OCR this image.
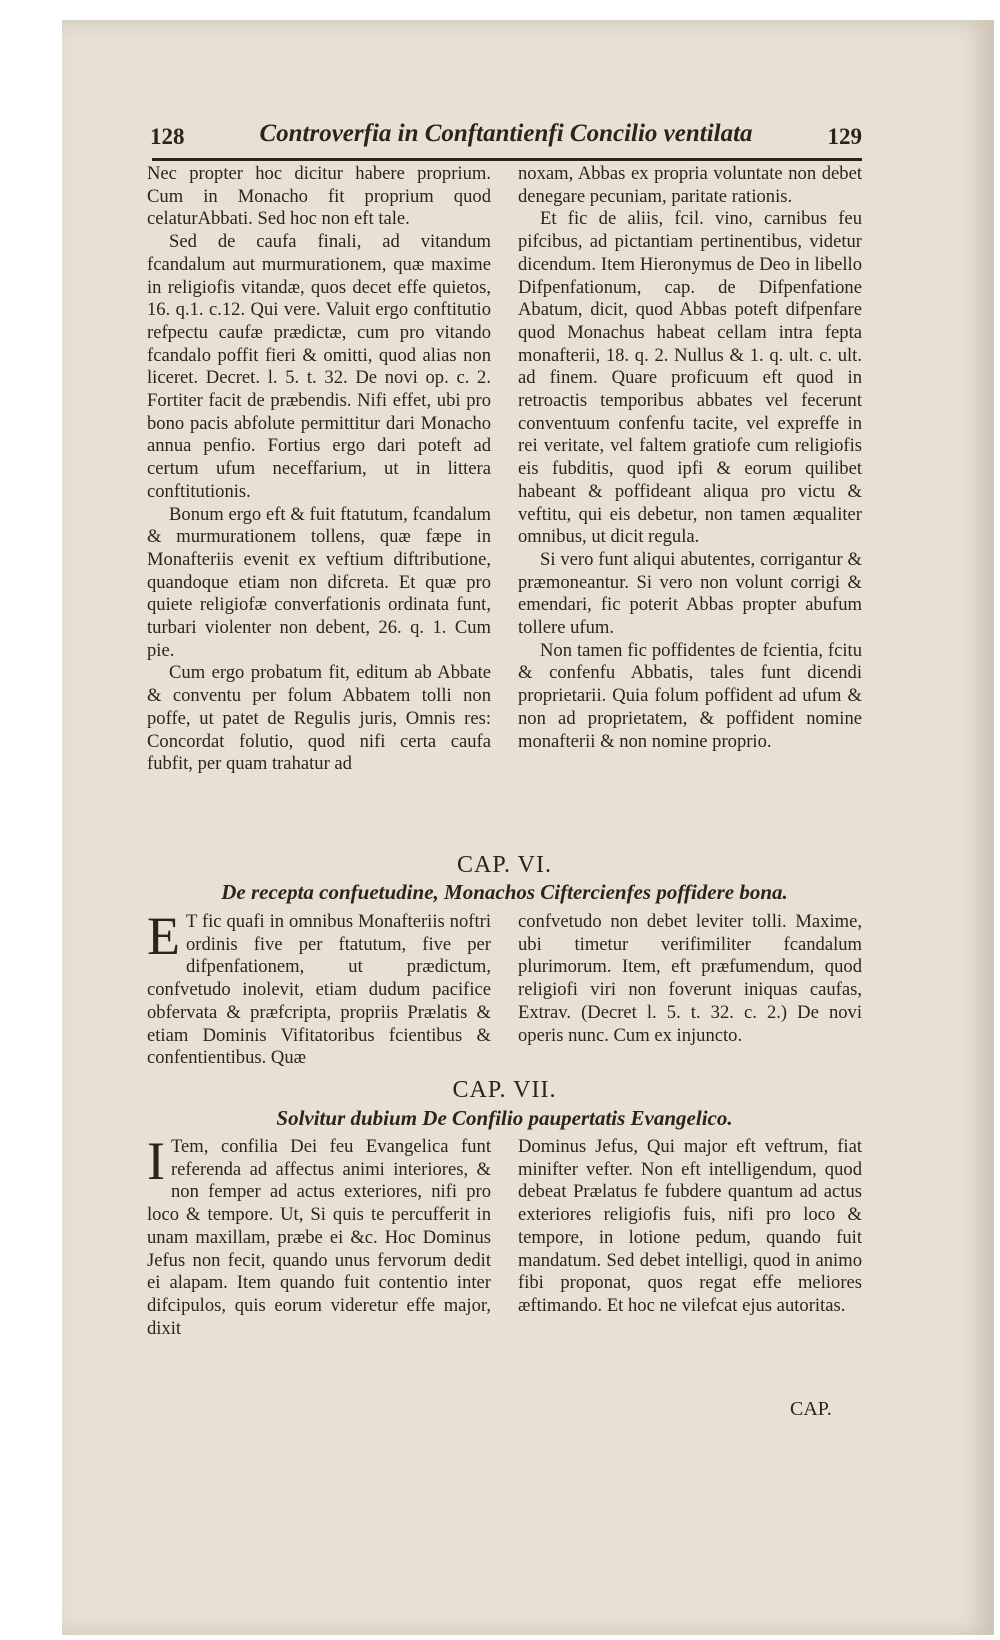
128	Controverfia in Conftantienfi Concilio ventilata	129

Nec propter hoc dicitur habere proprium. Cum in Monacho fit proprium quod celaturAbbati. Sed hoc non eft tale.

Sed de caufa finali, ad vitandum fcandalum aut murmurationem, quæ maxime in religiofis vitandæ, quos decet effe quietos, 16. q.1. c.12. Qui vere. Valuit ergo conftitutio refpectu caufæ prædictæ, cum pro vitando fcandalo poffit fieri & omitti, quod alias non liceret. Decret. l. 5. t. 32. De novi op. c. 2. Fortiter facit de præbendis. Nifi effet, ubi pro bono pacis abfolute permittitur dari Monacho annua penfio. Fortius ergo dari poteft ad certum ufum neceffarium, ut in littera conftitutionis.

Bonum ergo eft & fuit ftatutum, fcandalum & murmurationem tollens, quæ fæpe in Monafteriis evenit ex veftium diftributione, quandoque etiam non difcreta. Et quæ pro quiete religiofæ converfationis ordinata funt, turbari violenter non debent, 26. q. 1. Cum pie.

Cum ergo probatum fit, editum ab Abbate & conventu per folum Abbatem tolli non poffe, ut patet de Regulis juris, Omnis res: Concordat folutio, quod nifi certa caufa fubfit, per quam trahatur ad

noxam, Abbas ex propria voluntate non debet denegare pecuniam, paritate rationis.

Et fic de aliis, fcil. vino, carnibus feu pifcibus, ad pictantiam pertinentibus, videtur dicendum. Item Hieronymus de Deo in libello Difpenfationum, cap. de Difpenfatione Abatum, dicit, quod Abbas poteft difpenfare quod Monachus habeat cellam intra fepta monafterii, 18. q. 2. Nullus & 1. q. ult. c. ult. ad finem. Quare proficuum eft quod in retroactis temporibus abbates vel fecerunt conventuum confenfu tacite, vel expreffe in rei veritate, vel faltem gratiofe cum religiofis eis fubditis, quod ipfi & eorum quilibet habeant & poffideant aliqua pro victu & veftitu, qui eis debetur, non tamen æqualiter omnibus, ut dicit regula.

Si vero funt aliqui abutentes, corrigantur & præmoneantur. Si vero non volunt corrigi & emendari, fic poterit Abbas propter abufum tollere ufum.

Non tamen fic poffidentes de fcientia, fcitu & confenfu Abbatis, tales funt dicendi proprietarii. Quia folum poffident ad ufum & non ad proprietatem, & poffident nomine monafterii & non nomine proprio.

CAP. VI.
De recepta confuetudine, Monachos Ciftercienfes poffidere bona.
E T fic quafi in omnibus Monafteriis noftri ordinis five per ftatutum, five per difpenfationem, ut prædictum, confvetudo inolevit, etiam dudum pacifice obfervata & præfcripta, propriis Prælatis & etiam Dominis Vifitatoribus fcientibus & confentientibus. Quæ
confvetudo non debet leviter tolli. Maxime, ubi timetur verifimiliter fcandalum plurimorum. Item, eft præfumendum, quod religiofi viri non foverunt iniquas caufas, Extrav. (Decret l. 5. t. 32. c. 2.) De novi operis nunc. Cum ex injuncto.
CAP. VII.
Solvitur dubium De Confilio paupertatis Evangelico.
I Tem, confilia Dei feu Evangelica funt referenda ad affectus animi interiores, & non femper ad actus exteriores, nifi pro loco & tempore. Ut, Si quis te percufferit in unam maxillam, præbe ei &c. Hoc Dominus Jefus non fecit, quando unus fervorum dedit ei alapam. Item quando fuit contentio inter difcipulos, quis eorum videretur effe major, dixit
Dominus Jefus, Qui major eft veftrum, fiat minifter vefter. Non eft intelligendum, quod debeat Prælatus fe fubdere quantum ad actus exteriores religiofis fuis, nifi pro loco & tempore, in lotione pedum, quando fuit mandatum. Sed debet intelligi, quod in animo fibi proponat, quos regat effe meliores æftimando. Et hoc ne vilefcat ejus autoritas.
CAP.
